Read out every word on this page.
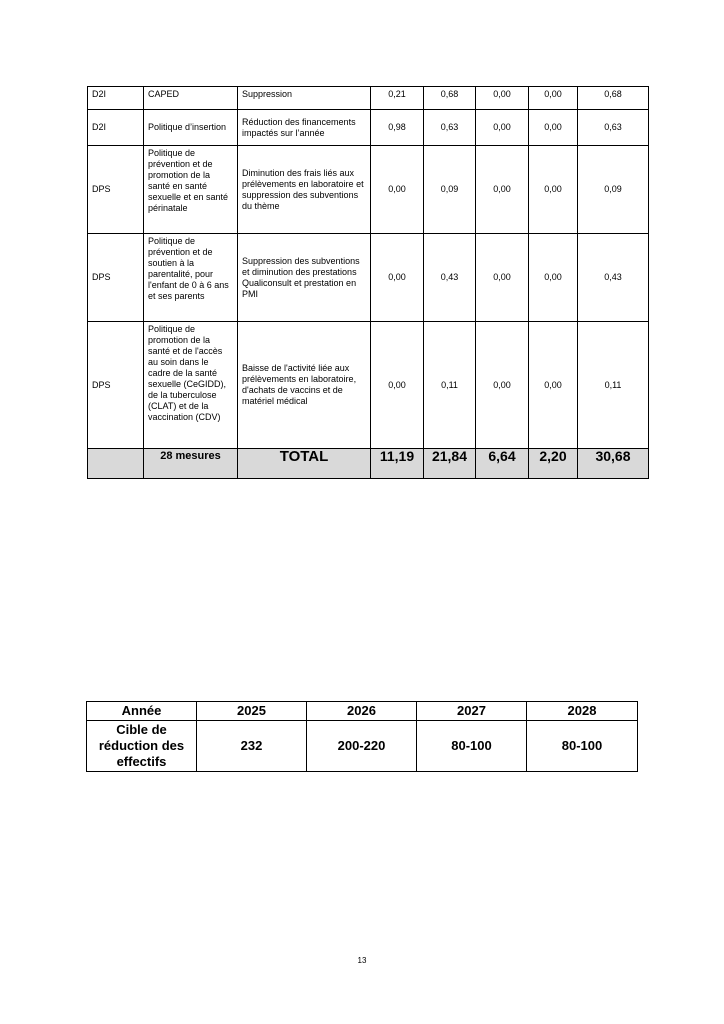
D2I	CAPED	Suppression	0,21	0,68	0,00	0,00	0,68
D2I	Politique d’insertion	Réduction des financements impactés sur l’année	0,98	0,63	0,00	0,00	0,63
DPS	Politique de prévention et de promotion de la santé en santé sexuelle et en santé périnatale	Diminution des frais liés aux prélèvements en laboratoire et suppression des subventions du thème	0,00	0,09	0,00	0,00	0,09
DPS	Politique de prévention et de soutien à la parentalité, pour l'enfant de 0 à 6 ans et ses parents	Suppression des subventions et diminution des prestations Qualiconsult et prestation en PMI	0,00	0,43	0,00	0,00	0,43
DPS	Politique de promotion de la santé et de l'accès au soin dans le cadre de la santé sexuelle (CeGIDD), de la tuberculose (CLAT) et de la vaccination (CDV)	Baisse de l'activité liée aux prélèvements en laboratoire, d'achats de vaccins et de matériel médical	0,00	0,11	0,00	0,00	0,11
	28 mesures	TOTAL	11,19	21,84	6,64	2,20	30,68
Année	2025	2026	2027	2028
Cible de réduction des effectifs	232	200-220	80-100	80-100
13
